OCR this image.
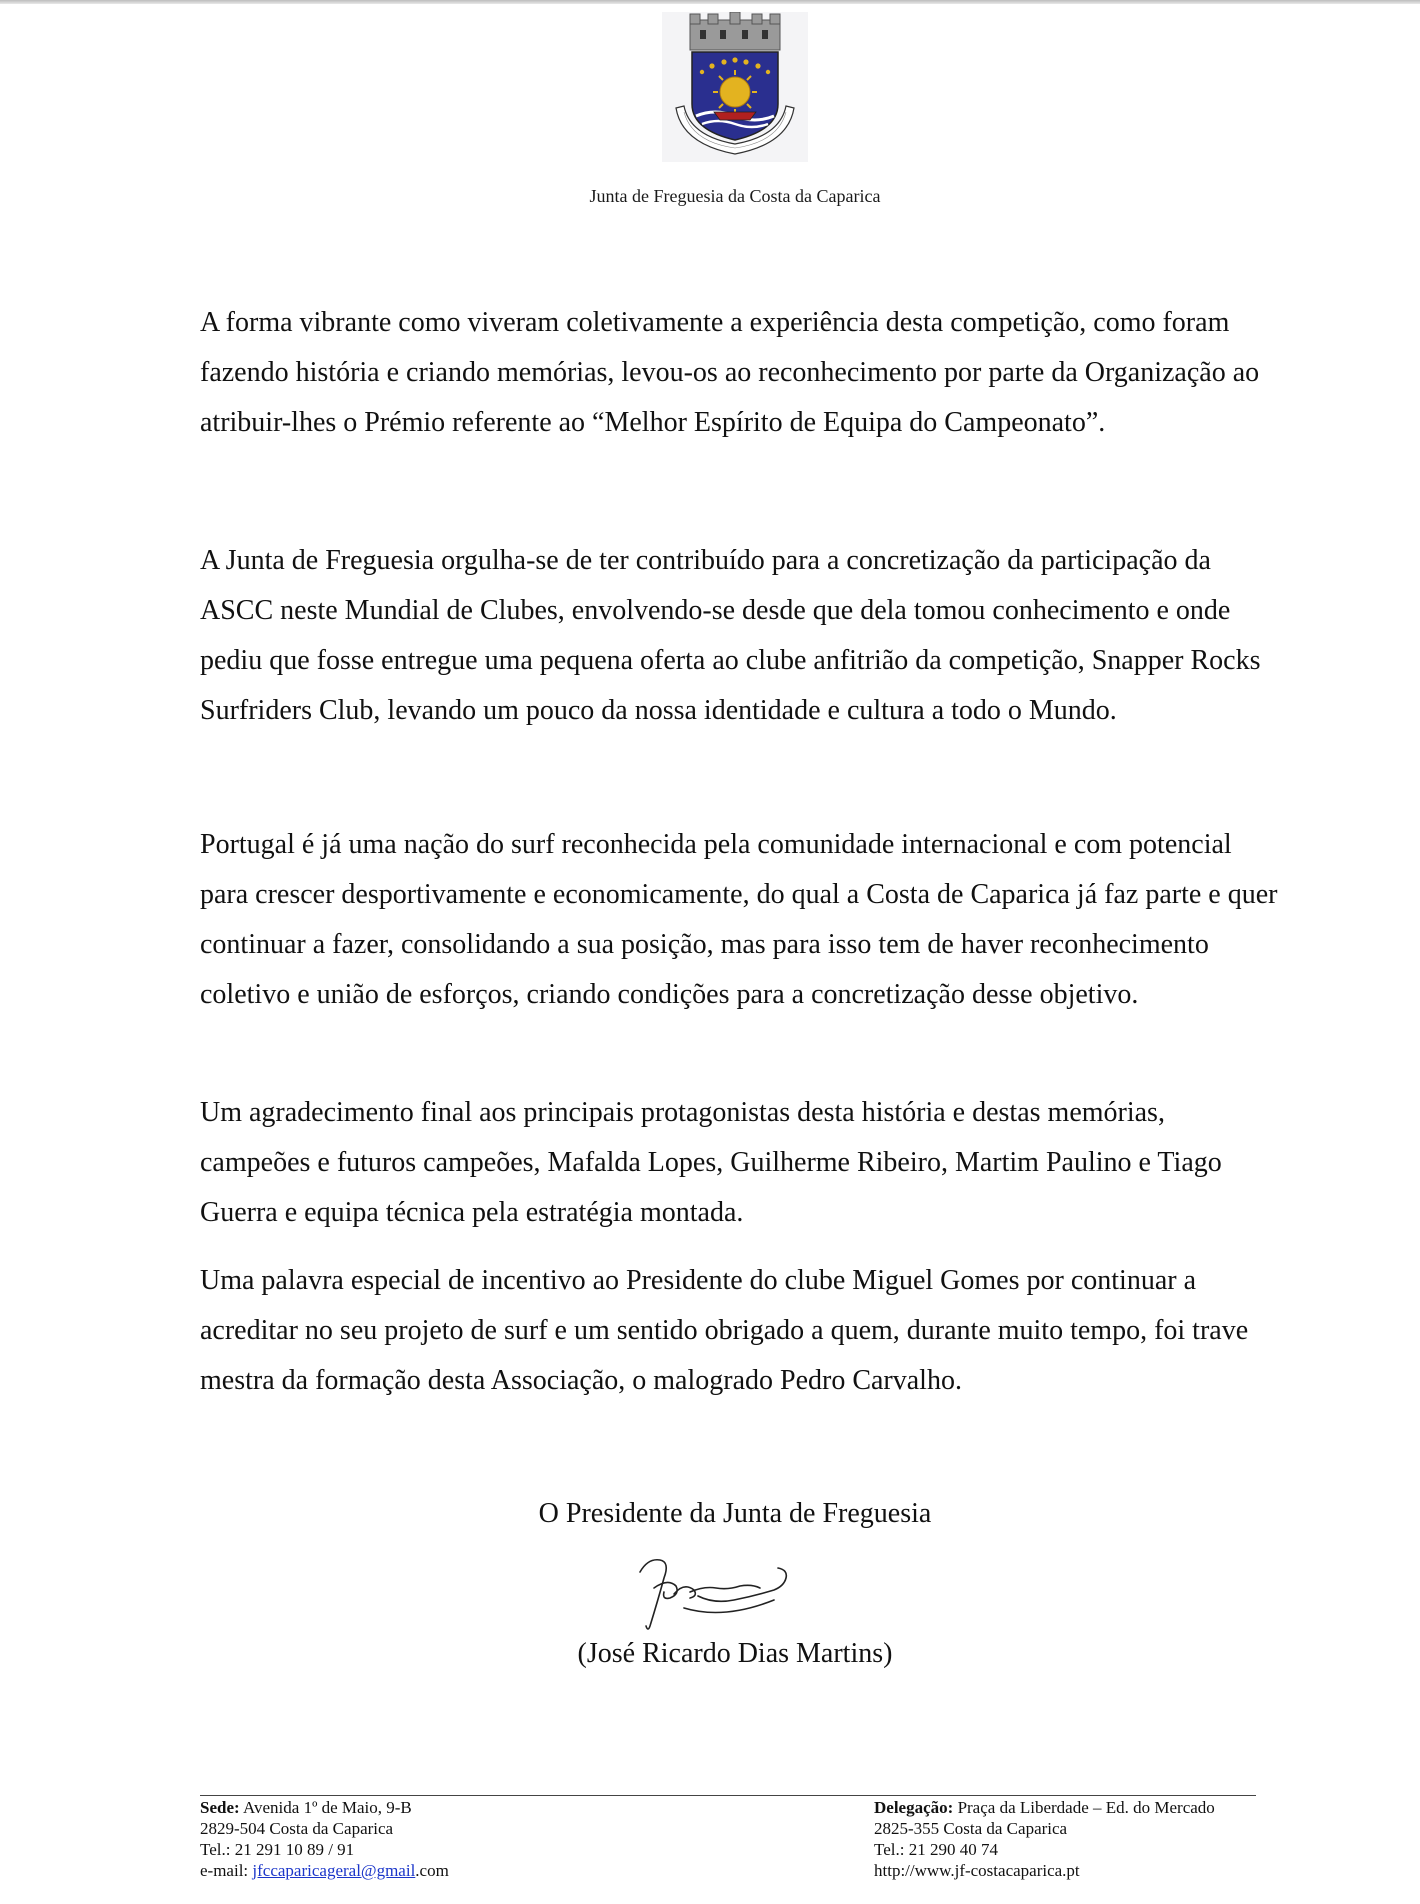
Junta de Freguesia da Costa da Caparica

A forma vibrante como viveram coletivamente a experiência desta competição, como foram fazendo história e criando memórias, levou-os ao reconhecimento por parte da Organização ao atribuir-lhes o Prémio referente ao “Melhor Espírito de Equipa do Campeonato”.

A Junta de Freguesia orgulha-se de ter contribuído para a concretização da participação da ASCC neste Mundial de Clubes, envolvendo-se desde que dela tomou conhecimento e onde pediu que fosse entregue uma pequena oferta ao clube anfitrião da competição, Snapper Rocks Surfriders Club, levando um pouco da nossa identidade e cultura a todo o Mundo.

Portugal é já uma nação do surf reconhecida pela comunidade internacional e com potencial para crescer desportivamente e economicamente, do qual a Costa de Caparica já faz parte e quer continuar a fazer, consolidando a sua posição, mas para isso tem de haver reconhecimento coletivo e união de esforços, criando condições para a concretização desse objetivo.

Um agradecimento final aos principais protagonistas desta história e destas memórias, campeões e futuros campeões, Mafalda Lopes, Guilherme Ribeiro, Martim Paulino e Tiago Guerra e equipa técnica pela estratégia montada.

Uma palavra especial de incentivo ao Presidente do clube Miguel Gomes por continuar a acreditar no seu projeto de surf e um sentido obrigado a quem, durante muito tempo, foi trave mestra da formação desta Associação, o malogrado Pedro Carvalho.

O Presidente da Junta de Freguesia
(José Ricardo Dias Martins)
Sede: Avenida 1º de Maio, 9-B
2829-504 Costa da Caparica
Tel.: 21 291 10 89 / 91
e-mail: jfccaparicageral@gmail.com
Delegação: Praça da Liberdade – Ed. do Mercado
2825-355 Costa da Caparica
Tel.: 21 290 40 74
http://www.jf-costacaparica.pt
